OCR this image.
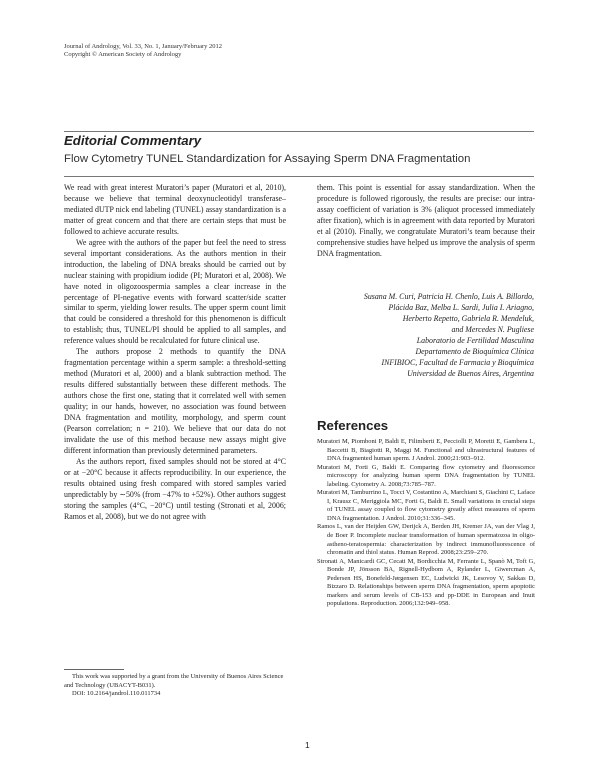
Journal of Andrology, Vol. 33, No. 1, January/February 2012
Copyright © American Society of Andrology
Editorial Commentary
Flow Cytometry TUNEL Standardization for Assaying Sperm DNA Fragmentation

We read with great interest Muratori’s paper (Muratori et al, 2010), because we believe that terminal deoxynucleotidyl transferase–mediated dUTP nick end labeling (TUNEL) assay standardization is a matter of great concern and that there are certain steps that must be followed to achieve accurate results.

We agree with the authors of the paper but feel the need to stress several important considerations. As the authors mention in their introduction, the labeling of DNA breaks should be carried out by nuclear staining with propidium iodide (PI; Muratori et al, 2008). We have noted in oligozoospermia samples a clear increase in the percentage of PI-negative events with forward scatter/side scatter similar to sperm, yielding lower results. The upper sperm count limit that could be considered a threshold for this phenomenon is difficult to establish; thus, TUNEL/PI should be applied to all samples, and reference values should be recalculated for future clinical use.

The authors propose 2 methods to quantify the DNA fragmentation percentage within a sperm sample: a threshold-setting method (Muratori et al, 2000) and a blank subtraction method. The results differed substantially between these different methods. The authors chose the first one, stating that it correlated well with semen quality; in our hands, however, no association was found between DNA fragmentation and motility, morphology, and sperm count (Pearson correlation; n = 210). We believe that our data do not invalidate the use of this method because new assays might give different information than previously determined parameters.

As the authors report, fixed samples should not be stored at 4°C or at −20°C because it affects reproducibility. In our experience, the results obtained using fresh compared with stored samples varied unpredictably by ∼50% (from −47% to +52%). Other authors suggest storing the samples (4°C, −20°C) until testing (Stronati et al, 2006; Ramos et al, 2008), but we do not agree with

them. This point is essential for assay standardization. When the procedure is followed rigorously, the results are precise: our intra-assay coefficient of variation is 3% (aliquot processed immediately after fixation), which is in agreement with data reported by Muratori et al (2010). Finally, we congratulate Muratori’s team because their comprehensive studies have helped us improve the analysis of sperm DNA fragmentation.

Susana M. Curi, Patricia H. Chenlo, Luis A. Billordo,
Plácida Baz, Melba L. Sardi, Julia I. Ariagno,
Herberto Repetto, Gabriela R. Mendeluk,
and Mercedes N. Pugliese
Laboratorio de Fertilidad Masculina
Departamento de Bioquímica Clínica
INFIBIOC, Facultad de Farmacia y Bioquímica
Universidad de Buenos Aires, Argentina
References

Muratori M, Piomboni P, Baldi E, Filimberti E, Pecciolli P, Moretti E, Gambera L, Baccetti B, Biagiotti R, Maggi M. Functional and ultrastructural features of DNA fragmented human sperm. J Androl. 2000;21:903–912.

Muratori M, Forti G, Baldi E. Comparing flow cytometry and fluorescence microscopy for analyzing human sperm DNA fragmentation by TUNEL labeling. Cytometry A. 2008;73:785–787.

Muratori M, Tamburrino L, Tocci V, Costantino A, Marchiani S, Giachini C, Laface I, Krausz C, Meriggiola MC, Forti G, Baldi E. Small variations in crucial steps of TUNEL assay coupled to flow cytometry greatly affect measures of sperm DNA fragmentation. J Androl. 2010;31:336–345.

Ramos L, van der Heijden GW, Derijck A, Berden JH, Kremer JA, van der Vlag J, de Boer P. Incomplete nuclear transformation of human spermatozoa in oligo-astheno-teratospermia: characterization by indirect immunofluorescence of chromatin and thiol status. Human Reprod. 2008;23:259–270.

Stronati A, Manicardi GC, Cecati M, Bordicchia M, Ferrante L, Spanò M, Toft G, Bonde JP, Jönsson BA, Rignell-Hydbom A, Rylander L, Giwercman A, Pedersen HS, Bonefeld-Jørgensen EC, Ludwicki JK, Lesovoy V, Sakkas D, Bizzaro D. Relationships between sperm DNA fragmentation, sperm apoptotic markers and serum levels of CB-153 and pp-DDE in European and Inuit populations. Reproduction. 2006;132:949–958.

This work was supported by a grant from the University of Buenos Aires Science and Technology (UBACYT-B031).

DOI: 10.2164/jandrol.110.011734

1
